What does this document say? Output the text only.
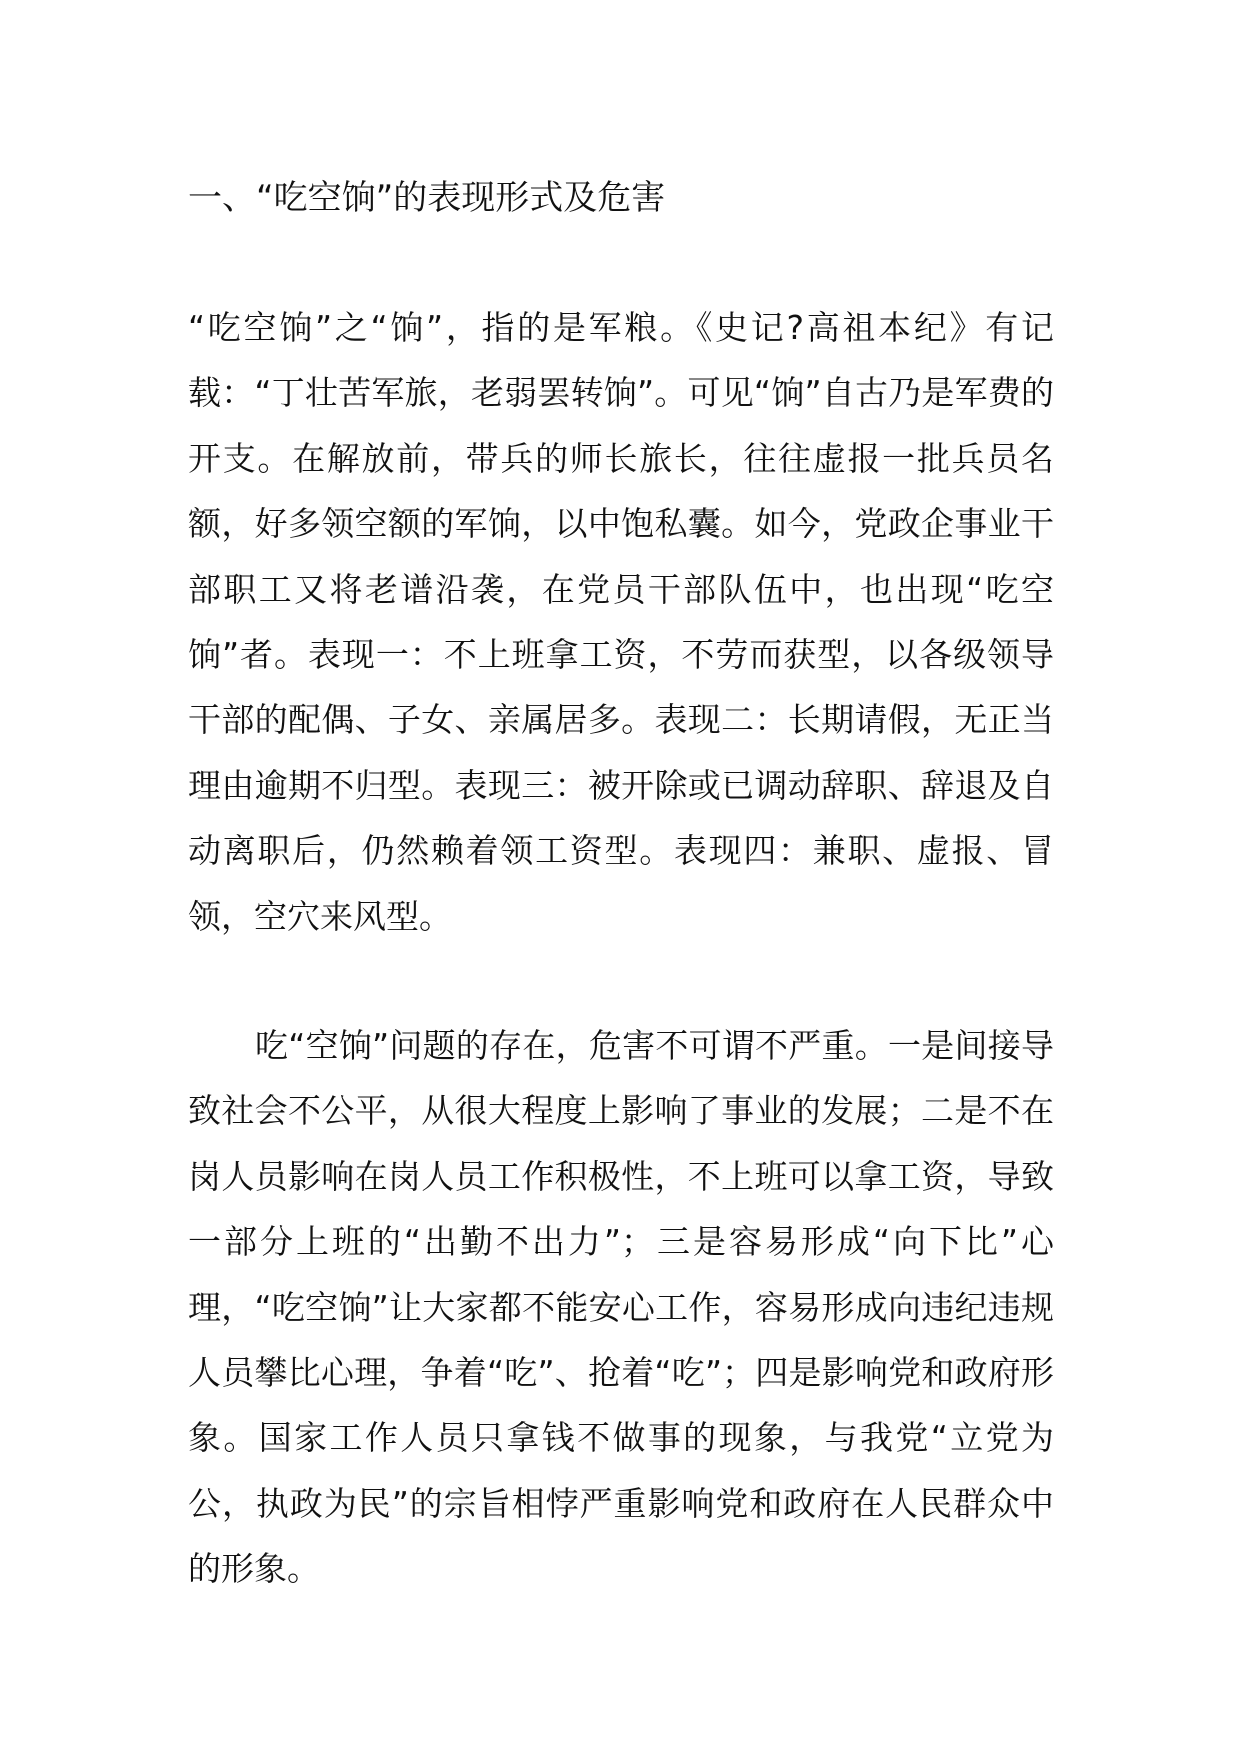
一、“吃空饷”的表现形式及危害

“吃空饷”之“饷”，指的是军粮。《史记?高祖本纪》有记载：“丁壮苦军旅，老弱罢转饷”。可见“饷”自古乃是军费的开支。在解放前，带兵的师长旅长，往往虚报一批兵员名额，好多领空额的军饷，以中饱私囊。如今，党政企事业干部职工又将老谱沿袭，在党员干部队伍中，也出现“吃空饷”者。表现一：不上班拿工资，不劳而获型，以各级领导干部的配偶、子女、亲属居多。表现二：长期请假，无正当理由逾期不归型。表现三：被开除或已调动辞职、辞退及自动离职后，仍然赖着领工资型。表现四：兼职、虚报、冒领，空穴来风型。

吃“空饷”问题的存在，危害不可谓不严重。一是间接导致社会不公平，从很大程度上影响了事业的发展；二是不在岗人员影响在岗人员工作积极性，不上班可以拿工资，导致一部分上班的“出勤不出力”；三是容易形成“向下比”心理，“吃空饷”让大家都不能安心工作，容易形成向违纪违规人员攀比心理，争着“吃”、抢着“吃”；四是影响党和政府形象。国家工作人员只拿钱不做事的现象，与我党“立党为公，执政为民”的宗旨相悖严重影响党和政府在人民群众中的形象。
